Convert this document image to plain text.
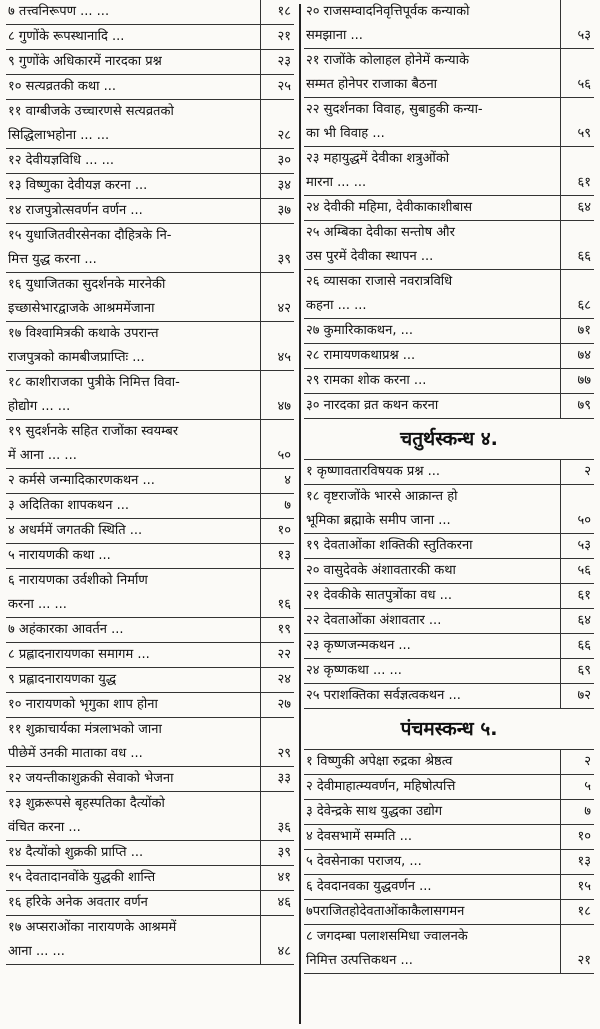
७ तत्त्वनिरूपण ... ...	१८
८ गुणोंके रूपस्थानादि ...	२१
९ गुणोंके अधिकारमें नारदका प्रश्न	२३
१० सत्यव्रतकी कथा ...	२५
११ वाग्बीजके उच्चारणसे सत्यव्रतको
सिद्धिलाभहोना ... ...	२८
१२ देवीयज्ञविधि ... ...	३०
१३ विष्णुका देवीयज्ञ करना ...	३४
१४ राजपुत्रोत्सवर्णन वर्णन ...	३७
१५ युधाजितवीरसेनका दौहित्रके नि-
मित्त युद्ध करना ...	३९
१६ युधाजितका सुदर्शनके मारनेकी
इच्छासेभारद्वाजके आश्रममेंजाना	४२
१७ विश्वामित्रकी कथाके उपरान्त
राजपुत्रको कामबीजप्राप्तिः ...	४५
१८ काशीराजका पुत्रीके निमित्त विवा-
होद्योग ... ...	४७
१९ सुदर्शनके सहित राजोंका स्वयम्बर
में आना ... ...	५०
२ कर्मसे जन्मादिकारणकथन ...	४
३ अदितिका शापकथन ...	७
४ अधर्ममें जगतकी स्थिति ...	१०
५ नारायणकी कथा ...	१३
६ नारायणका उर्वशीको निर्माण
करना ... ...	१६
७ अहंकारका आवर्तन ...	१९
८ प्रह्लादनारायणका समागम ...	२२
९ प्रह्लादनारायणका युद्ध	२४
१० नारायणको भृगुका शाप होना	२७
११ शुक्राचार्यका मंत्रलाभको जाना
पीछेमें उनकी माताका वध ...	२९
१२ जयन्तीकाशुक्रकी सेवाको भेजना	३३
१३ शुक्ररूपसे बृहस्पतिका दैत्योंको
वंचित करना ...	३६
१४ दैत्योंको शुक्रकी प्राप्ति ...	३९
१५ देवतादानवोंके युद्धकी शान्ति	४१
१६ हरिके अनेक अवतार वर्णन	४६
१७ अप्सराओंका नारायणके आश्रममें
आना ... ...	४८
२० राजसम्वादनिवृत्तिपूर्वक कन्याको
समझाना ...	५३
२१ राजोंके कोलाहल होनेमें कन्याके
सम्मत होनेपर राजाका बैठना	५६
२२ सुदर्शनका विवाह, सुबाहुकी कन्या-
का भी विवाह ...	५९
२३ महायुद्धमें देवीका शत्रुओंको
मारना ... ...	६१
२४ देवीकी महिमा, देवीकाकाशीबास	६४
२५ अम्बिका देवीका सन्तोष और
उस पुरमें देवीका स्थापन ...	६६
२६ व्यासका राजासे नवरात्रविधि
कहना ... ...	६८
२७ कुमारिकाकथन, ...	७१
२८ रामायणकथाप्रश्न ...	७४
२९ रामका शोक करना ...	७७
३० नारदका व्रत कथन करना	७९
चतुर्थस्कन्ध ४.
१ कृष्णावतारविषयक प्रश्न ...	२
१८ वृष्टराजोंके भारसे आक्रान्त हो
भूमिका ब्रह्माके समीप जाना ...	५०
१९ देवताओंका शक्तिकी स्तुतिकरना	५३
२० वासुदेवके अंशावतारकी कथा	५६
२१ देवकीके सातपुत्रोंका वध ...	६१
२२ देवताओंका अंशावतार ...	६४
२३ कृष्णजन्मकथन ...	६६
२४ कृष्णकथा ... ...	६९
२५ पराशक्तिका सर्वज्ञत्वकथन ...	७२
पंचमस्कन्ध ५.
१ विष्णुकी अपेक्षा रुद्रका श्रेष्ठत्व	२
२ देवीमाहात्म्यवर्णन, महिषोत्पत्ति	५
३ देवेन्द्रके साथ युद्धका उद्योग	७
४ देवसभामें सम्मति ...	१०
५ देवसेनाका पराजय, ...	१३
६ देवदानवका युद्धवर्णन ...	१५
७पराजितहोदेवताओंकाकैलासगमन	१८
८ जगदम्बा पलाशसमिधा ज्वालनके
निमित्त उत्पत्तिकथन ...	२१
